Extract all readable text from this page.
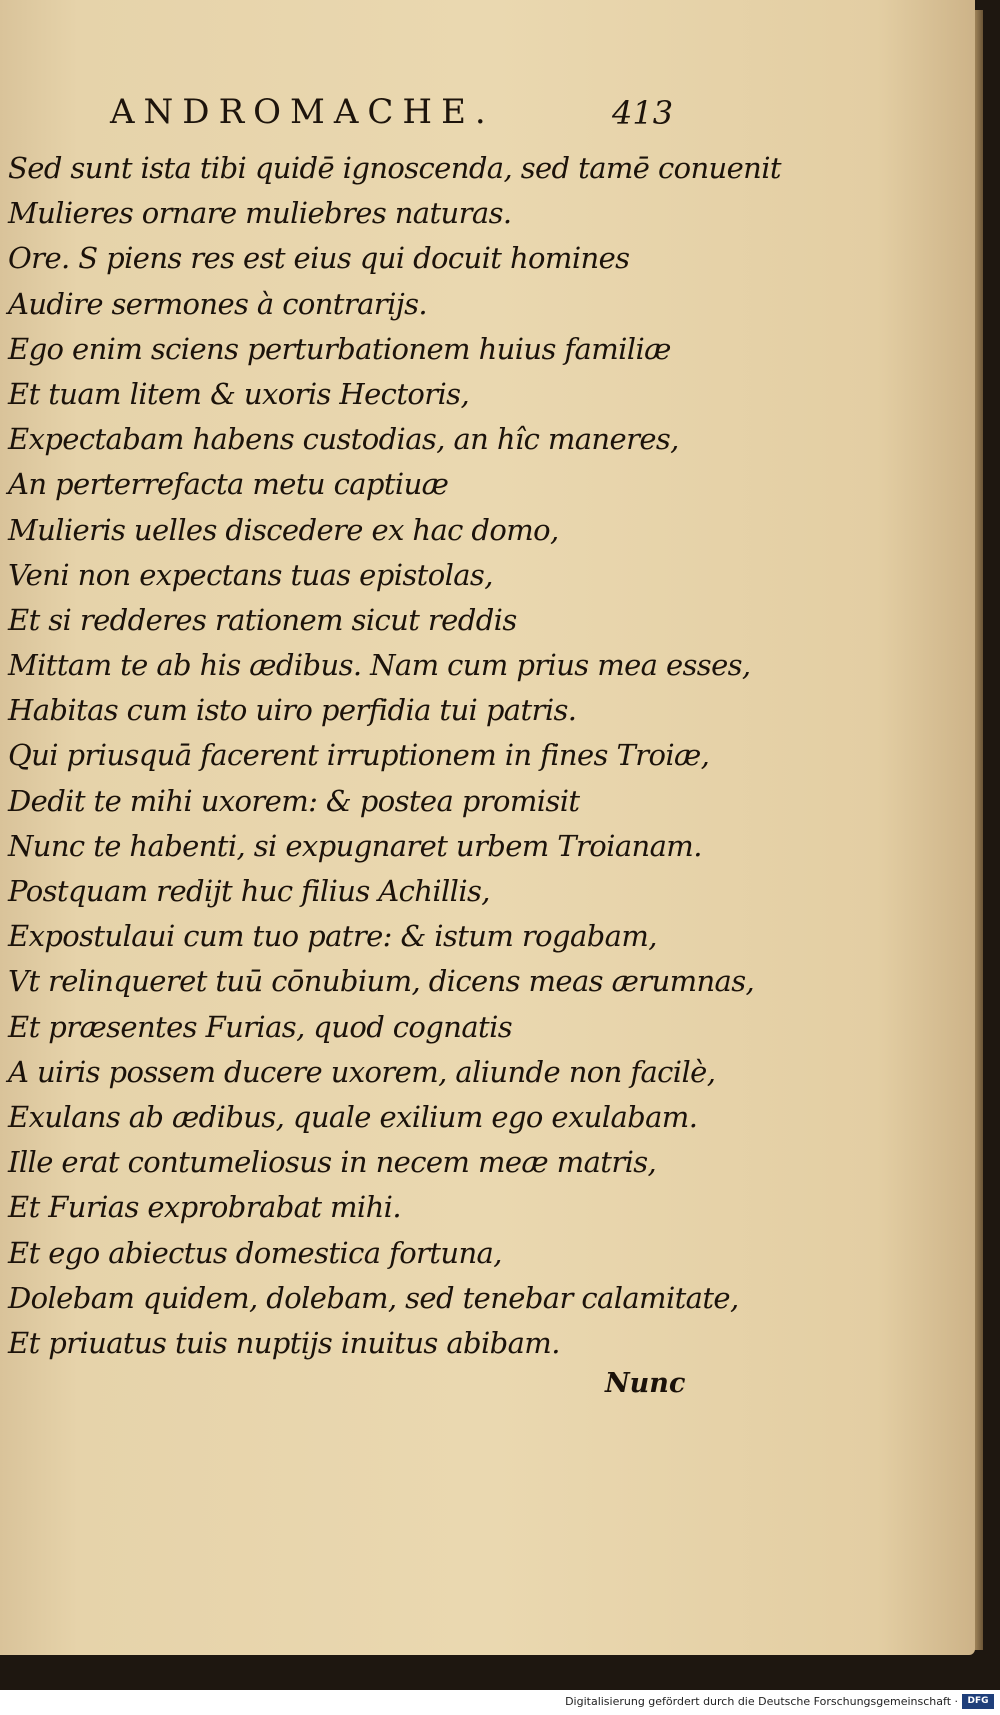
ANDROMACHE.	413
Sed sunt ista tibi quidē ignoscenda, sed tamē conuenit
Mulieres ornare muliebres naturas.
Ore. S piens res est eius qui docuit homines
Audire sermones à contrarijs.
Ego enim sciens perturbationem huius familiæ
Et tuam litem & uxoris Hectoris,
Expectabam habens custodias, an hîc maneres,
An perterrefacta metu captiuæ
Mulieris uelles discedere ex hac domo,
Veni non expectans tuas epistolas,
Et si redderes rationem sicut reddis
Mittam te ab his ædibus. Nam cum prius mea esses,
Habitas cum isto uiro perfidia tui patris.
Qui priusquā facerent irruptionem in fines Troiæ,
Dedit te mihi uxorem: & postea promisit
Nunc te habenti, si expugnaret urbem Troianam.
Postquam redijt huc filius Achillis,
Expostulaui cum tuo patre: & istum rogabam,
Vt relinqueret tuū cōnubium, dicens meas ærumnas,
Et præsentes Furias, quod cognatis
A uiris possem ducere uxorem, aliunde non facilè,
Exulans ab ædibus, quale exilium ego exulabam.
Ille erat contumeliosus in necem meæ matris,
Et Furias exprobrabat mihi.
Et ego abiectus domestica fortuna,
Dolebam quidem, dolebam, sed tenebar calamitate,
Et priuatus tuis nuptijs inuitus abibam.
Nunc
Digitalisierung gefördert durch die Deutsche Forschungsgemeinschaft ·	DFG
